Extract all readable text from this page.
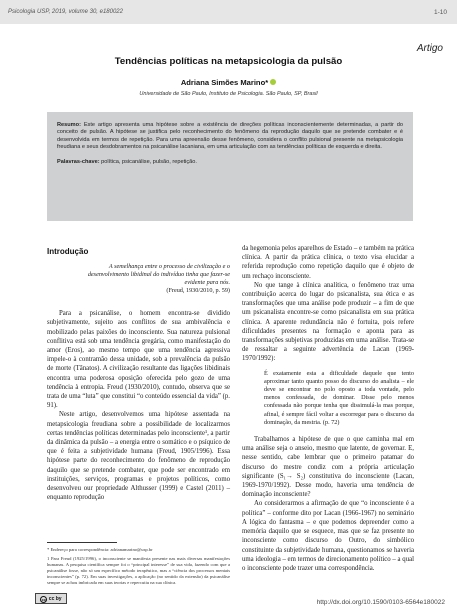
Psicologia USP, 2019, volume 30, e180022	1-10
Artigo
Tendências políticas na metapsicologia da pulsão
Adriana Simões Marino*
Universidade de São Paulo, Instituto de Psicologia. São Paulo, SP, Brasil

Resumo: Este artigo apresenta uma hipótese sobre a existência de direções políticas inconscientemente determinadas, a partir do conceito de pulsão. A hipótese se justifica pelo reconhecimento do fenômeno da reprodução daquilo que se pretende combater e é desenvolvida em termos de repetição. Para uma apreensão desse fenômeno, considera o conflito pulsional presente na metapsicologia freudiana e seus desdobramentos na psicanálise lacaniana, em uma articulação com as tendências políticas de esquerda e direita.

Palavras-chave: política, psicanálise, pulsão, repetição.

Introdução
A semelhança entre o processo de civilização e o desenvolvimento libidinal do indivíduo tinha que fazer-se evidente para nós.
(Freud, 1930/2010, p. 59)

Para a psicanálise, o homem encontra-se dividido subjetivamente, sujeito aos conflitos de sua ambivalência e mobilizado pelas paixões do inconsciente. Sua natureza pulsional conflitiva está sob uma tendência gregária, como manifestação do amor (Eros), ao mesmo tempo que uma tendência agressiva impele-o à contramão dessa unidade, sob a prevalência da pulsão de morte (Tânatos). A civilização resultante das ligações libidinais encontra uma poderosa oposição oferecida pelo gozo de uma tendência à entropia. Freud (1930/2010), contudo, observa que se trata de uma “luta” que constitui “o conteúdo essencial da vida” (p. 91).

Neste artigo, desenvolvemos uma hipótese assentada na metapsicologia freudiana sobre a possibilidade de localizarmos certas tendências políticas determinadas pelo inconsciente¹, a partir da dinâmica da pulsão – a energia entre o somático e o psíquico de que é feita a subjetividade humana (Freud, 1905/1996). Essa hipótese parte do reconhecimento do fenômeno de reprodução daquilo que se pretende combater, que pode ser encontrado em instituições, serviços, programas e projetos políticos, como desenvolveu our propriedade Althusser (1999) e Castel (2011) – enquanto reprodução

da hegemonia pelos aparelhos de Estado – e também na prática clínica. A partir da prática clínica, o texto visa elucidar a referida reprodução como repetição daquilo que é objeto de um rechaço inconsciente.

No que tange à clínica analítica, o fenômeno traz uma contribuição acerca do lugar do psicanalista, sua ética e as transformações que uma análise pode produzir – a fim de que um psicanalista encontre-se como psicanalista em sua prática clínica. A aparente redundância não é fortuita, pois refere dificuldades presentes na formação e aponta para as transformações subjetivas produzidas em uma análise. Trata-se de ressaltar a seguinte advertência de Lacan (1969-1970/1992):

É exatamente esta a dificuldade daquele que tento aproximar tanto quanto posso do discurso do analista – ele deve se encontrar no polo oposto a toda vontade, pelo menos confessada, de dominar. Disse pelo menos confessada não porque tenha que dissimulá-la mas porque, afinal, é sempre fácil voltar a escorregar para o discurso da dominação, da mestria. (p. 72)

Trabalhamos a hipótese de que o que caminha mal em uma análise seja o anseio, mesmo que latente, de governar. E, nesse sentido, cabe lembrar que o primeiro patamar do discurso do mestre condiz com a própria articulação significante (S₁→ S₂) constitutiva do inconsciente (Lacan, 1969-1970/1992). Desse modo, haveria uma tendência de dominação inconsciente?

Ao considerarmos a afirmação de que “o inconsciente é a política” – conforme dito por Lacan (1966-1967) no seminário A lógica do fantasma – e que podemos depreender como a memória daquilo que se esquece, mas que se faz presente no inconsciente como discurso do Outro, do simbólico constituinte da subjetividade humana, questionamos se haveria uma ideologia – em termos de direcionamento político – a qual o inconsciente pode trazer uma correspondência.

* Endereço para correspondência: adrianamarino@usp.br
1 Para Freud (1925/1996), o inconsciente se manifesta presente nas mais diversas manifestações humanas. A pesquisa científica sempre foi o “principal interesse” de sua vida, fazendo com que a psicanálise fosse, não só um específico método terapêutico, mas a “ciência dos processos mentais inconscientes” (p. 72). Em suas investigações, a aplicação (no sentido da extensão) da psicanálise sempre se achou imbricada em suas teorias e repercutiu na sua clínica.
cc cc by	http://dx.doi.org/10.1590/0103-6564e180022
